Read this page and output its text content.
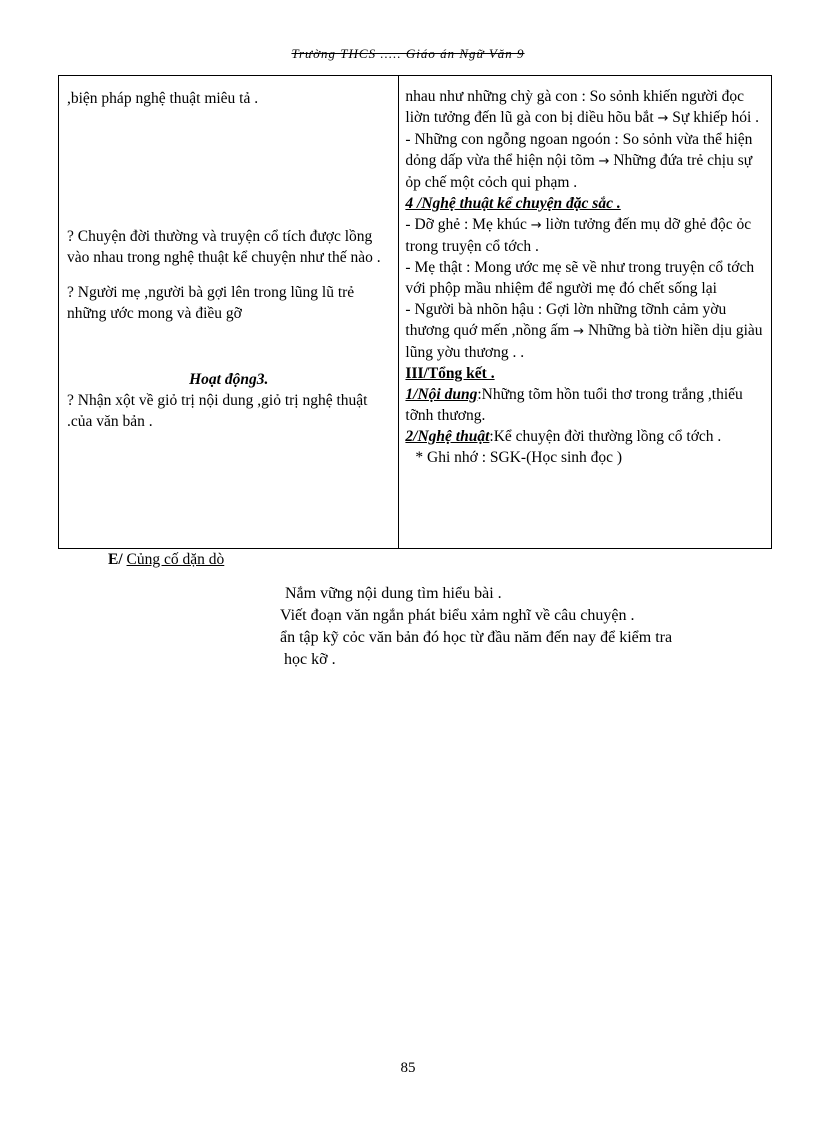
Trường THCS ..... Giáo án Ngữ Văn 9

,biện pháp nghệ thuật miêu tả .

? Chuyện đời thường và truyện cổ tích được lồng vào nhau trong nghệ thuật kể chuyện như thế nào .

? Người mẹ ,người bà gợi lên trong lũng lũ trẻ những ước mong và điều gỡ

Hoạt động3.

? Nhận xột về giỏ trị nội dung ,giỏ trị nghệ thuật .của văn bản .

nhau như những chỳ gà con : So sỏnh khiến người đọc liờn tưởng đến lũ gà con bị diều hõu bắt → Sự khiếp hói .

- Những con ngỗng ngoan ngoón : So sỏnh vừa thể hiện dỏng dấp vừa thể hiện nội tõm → Những đứa trẻ chịu sự ỏp chế một cỏch qui phạm .

4 /Nghệ thuật kể chuyện đặc sắc .

- Dỡ ghẻ : Mẹ khúc → liờn tưởng đến mụ dỡ ghẻ độc ỏc trong truyện cổ tớch .

- Mẹ thật : Mong ước mẹ sẽ về như trong truyện cổ tớch với phộp mầu nhiệm để người mẹ đó chết sống lại

- Người bà nhõn hậu : Gợi lờn những tỡnh cảm yờu thương quớ mến ,nồng ấm → Những bà tiờn hiền dịu giàu lũng yờu thương . .

III/Tổng kết .

1/Nội dung:Những tõm hồn tuổi thơ trong trắng ,thiếu tỡnh thương.

2/Nghệ thuật:Kể chuyện đời thường lồng cổ tớch .

* Ghi nhớ : SGK-(Học sinh đọc )

E/ Củng cố dặn dò
Nắm vững nội dung tìm hiểu bài .
Viết đoạn văn ngắn phát biểu xảm nghĩ về câu chuyện .
ẩn tập kỹ cỏc văn bản đó học từ đầu năm đến nay để kiểm tra
học kỡ .
85
